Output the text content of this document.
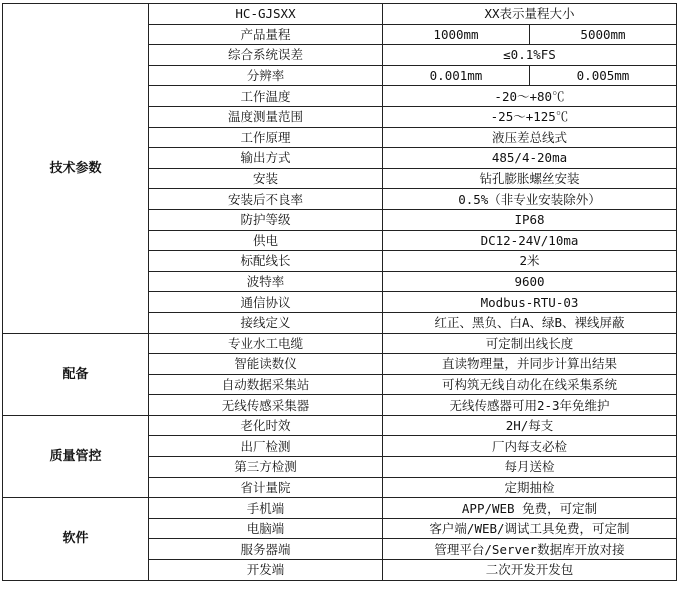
技术参数	HC-GJSXX	XX表示量程大小	
	产品量程	1000mm	5000mm
	综合系统误差	≤0.1%FS	
	分辨率	0.001mm	0.005mm
	工作温度	-20～+80℃	
	温度测量范围	-25～+125℃	
	工作原理	液压差总线式	
	输出方式	485/4-20ma	
	安装	钻孔膨胀螺丝安装	
	安装后不良率	0.5%（非专业安装除外）	
	防护等级	IP68	
	供电	DC12-24V/10ma	
	标配线长	2米	
	波特率	9600	
	通信协议	Modbus-RTU-03	
	接线定义	红正、黑负、白A、绿B、裸线屏蔽	
配备	专业水工电缆	可定制出线长度	
	智能读数仪	直读物理量，并同步计算出结果	
	自动数据采集站	可构筑无线自动化在线采集系统	
	无线传感采集器	无线传感器可用2-3年免维护	
质量管控	老化时效	2H/每支	
	出厂检测	厂内每支必检	
	第三方检测	每月送检	
	省计量院	定期抽检	
软件	手机端	APP/WEB 免费，可定制	
	电脑端	客户端/WEB/调试工具免费，可定制	
	服务器端	管理平台/Server数据库开放对接	
	开发端	二次开发开发包	
